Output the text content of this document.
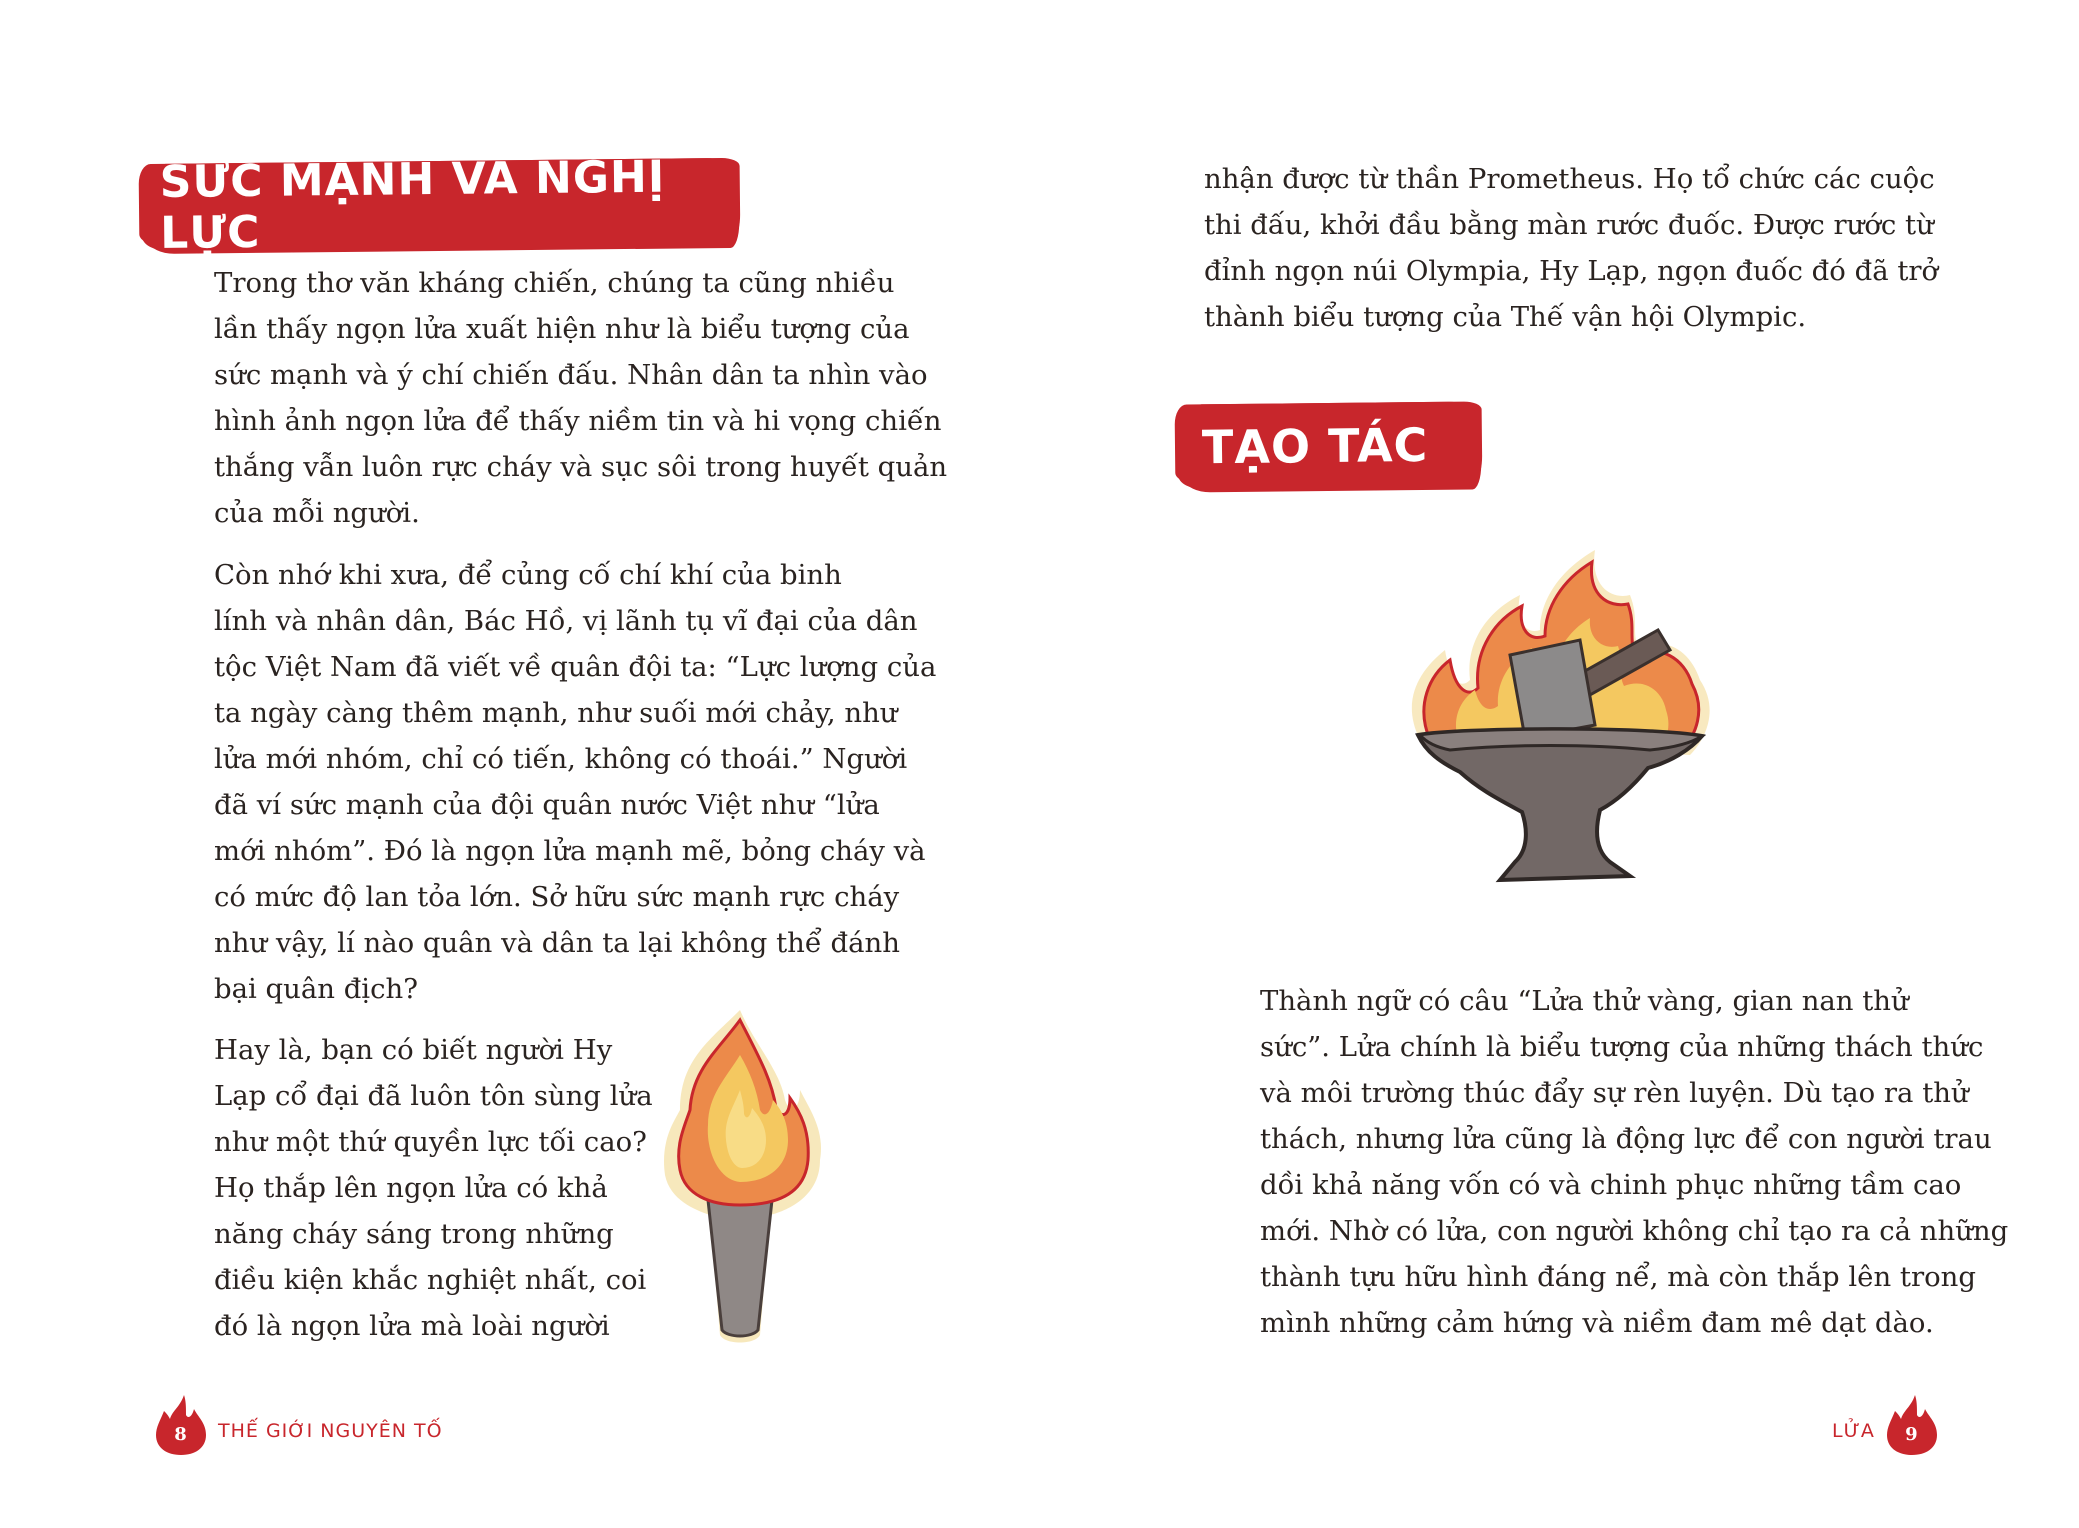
SỨC MẠNH VÀ NGHỊ LỰC
Trong thơ văn kháng chiến, chúng ta cũng nhiều
lần thấy ngọn lửa xuất hiện như là biểu tượng của
sức mạnh và ý chí chiến đấu. Nhân dân ta nhìn vào
hình ảnh ngọn lửa để thấy niềm tin và hi vọng chiến
thắng vẫn luôn rực cháy và sục sôi trong huyết quản
của mỗi người.
Còn nhớ khi xưa, để củng cố chí khí của binh
lính và nhân dân, Bác Hồ, vị lãnh tụ vĩ đại của dân
tộc Việt Nam đã viết về quân đội ta: “Lực lượng của
ta ngày càng thêm mạnh, như suối mới chảy, như
lửa mới nhóm, chỉ có tiến, không có thoái.” Người
đã ví sức mạnh của đội quân nước Việt như “lửa
mới nhóm”. Đó là ngọn lửa mạnh mẽ, bỏng cháy và
có mức độ lan tỏa lớn. Sở hữu sức mạnh rực cháy
như vậy, lí nào quân và dân ta lại không thể đánh
bại quân địch?
Hay là, bạn có biết người Hy
Lạp cổ đại đã luôn tôn sùng lửa
như một thứ quyền lực tối cao?
Họ thắp lên ngọn lửa có khả
năng cháy sáng trong những
điều kiện khắc nghiệt nhất, coi
đó là ngọn lửa mà loài người
8	THẾ GIỚI NGUYÊN TỐ
nhận được từ thần Prometheus. Họ tổ chức các cuộc
thi đấu, khởi đầu bằng màn rước đuốc. Được rước từ
đỉnh ngọn núi Olympia, Hy Lạp, ngọn đuốc đó đã trở
thành biểu tượng của Thế vận hội Olympic.
TẠO TÁC
Thành ngữ có câu “Lửa thử vàng, gian nan thử
sức”. Lửa chính là biểu tượng của những thách thức
và môi trường thúc đẩy sự rèn luyện. Dù tạo ra thử
thách, nhưng lửa cũng là động lực để con người trau
dồi khả năng vốn có và chinh phục những tầm cao
mới. Nhờ có lửa, con người không chỉ tạo ra cả những
thành tựu hữu hình đáng nể, mà còn thắp lên trong
mình những cảm hứng và niềm đam mê dạt dào.
LỬA	9
